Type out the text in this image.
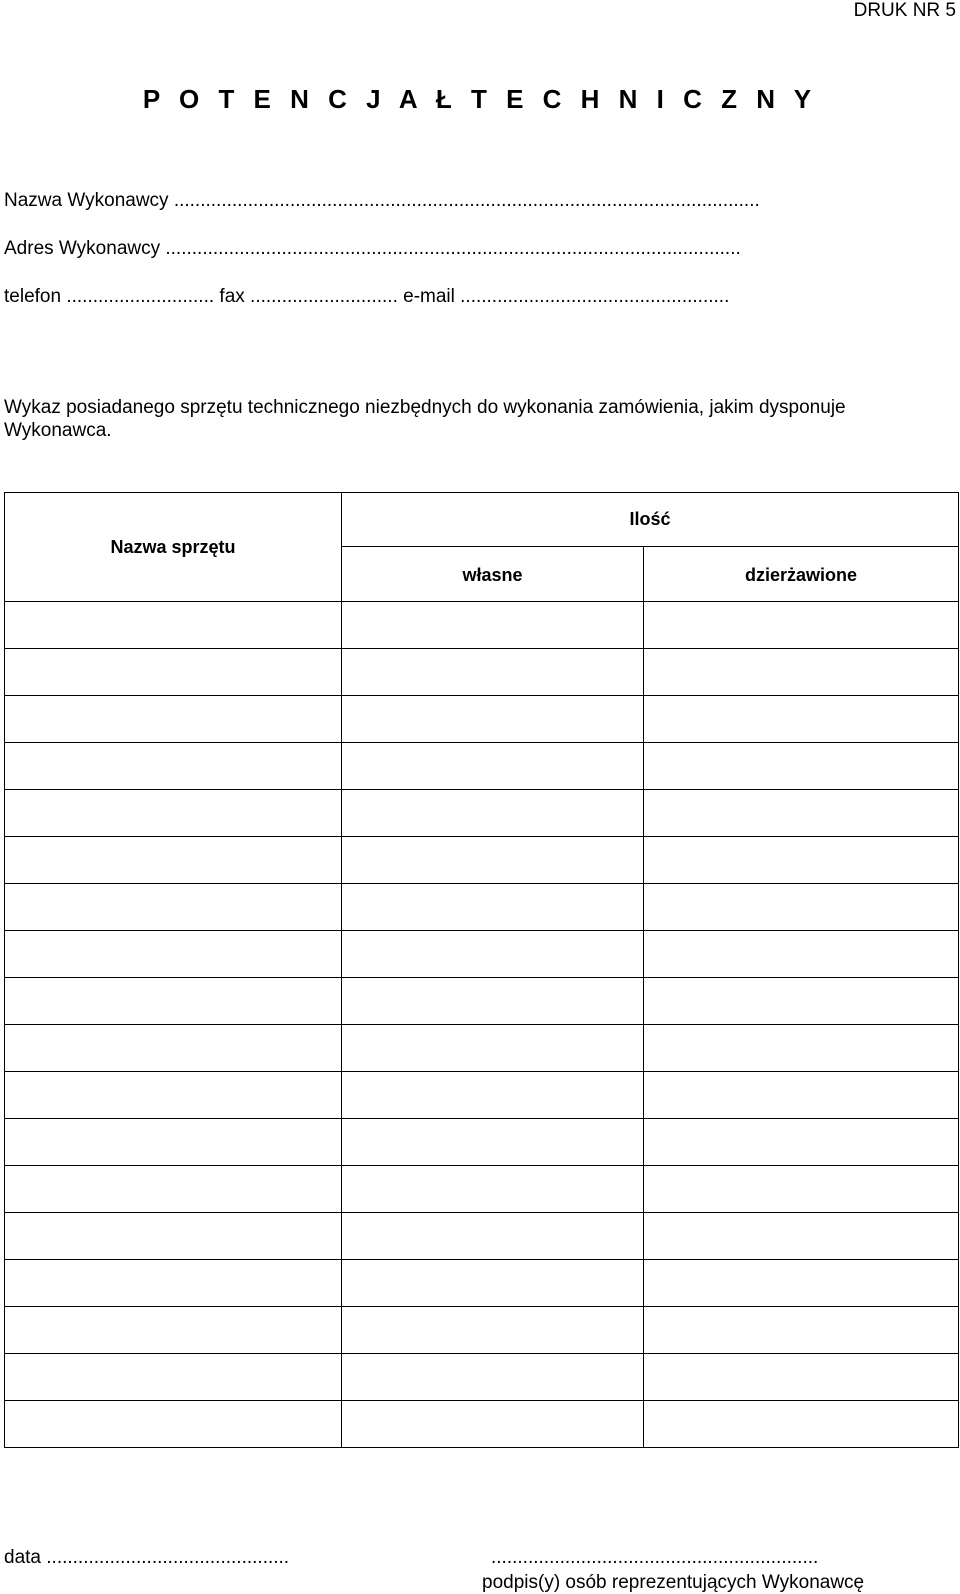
DRUK NR 5
P O T E N C J A Ł T E C H N I C Z N Y
Nazwa Wykonawcy ...............................................................................................................
Adres Wykonawcy .............................................................................................................
telefon ............................ fax ............................ e-mail ...................................................
Wykaz posiadanego sprzętu technicznego niezbędnych do wykonania zamówienia, jakim dysponuje Wykonawca.
Nazwa sprzętu	Ilość	
	własne	dzierżawione

data ..............................................	..............................................................
podpis(y) osób reprezentujących Wykonawcę
